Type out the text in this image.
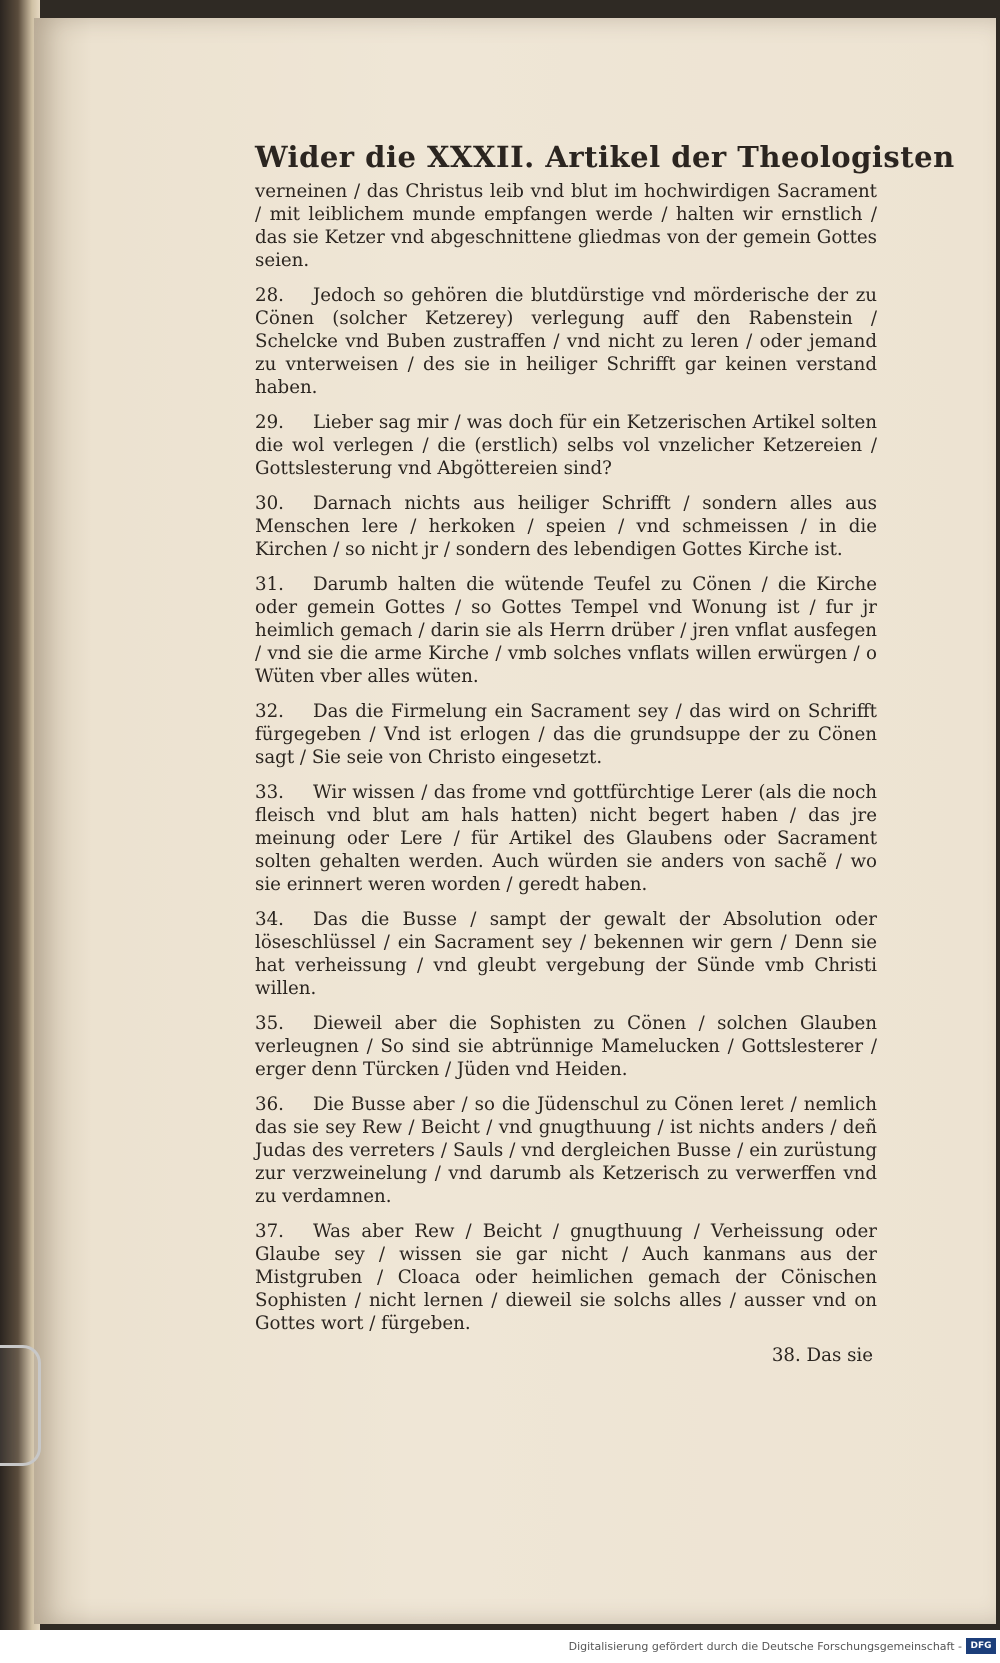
Wider die XXXII. Artikel der Theologisten

verneinen / das Christus leib vnd blut im hochwirdigen Sacrament / mit leiblichem munde empfangen werde / halten wir ernstlich / das sie Ketzer vnd abgeschnittene gliedmas von der gemein Gottes seien.

28. Jedoch so gehören die blutdürstige vnd mörderische der zu Cönen (solcher Ketzerey) verlegung auff den Rabenstein / Schelcke vnd Buben zustraffen / vnd nicht zu leren / oder jemand zu vnterweisen / des sie in heiliger Schrifft gar keinen verstand haben.

29. Lieber sag mir / was doch für ein Ketzerischen Artikel solten die wol verlegen / die (erstlich) selbs vol vnzelicher Ketzereien / Gottslesterung vnd Abgöttereien sind?

30. Darnach nichts aus heiliger Schrifft / sondern alles aus Menschen lere / herkoken / speien / vnd schmeissen / in die Kirchen / so nicht jr / sondern des lebendigen Gottes Kirche ist.

31. Darumb halten die wütende Teufel zu Cönen / die Kirche oder gemein Gottes / so Gottes Tempel vnd Wonung ist / fur jr heimlich gemach / darin sie als Herrn drüber / jren vnflat ausfegen / vnd sie die arme Kirche / vmb solches vnflats willen erwürgen / o Wüten vber alles wüten.

32. Das die Firmelung ein Sacrament sey / das wird on Schrifft fürgegeben / Vnd ist erlogen / das die grundsuppe der zu Cönen sagt / Sie seie von Christo eingesetzt.

33. Wir wissen / das frome vnd gottfürchtige Lerer (als die noch fleisch vnd blut am hals hatten) nicht begert haben / das jre meinung oder Lere / für Artikel des Glaubens oder Sacrament solten gehalten werden. Auch würden sie anders von sachẽ / wo sie erinnert weren worden / geredt haben.

34. Das die Busse / sampt der gewalt der Absolution oder löseschlüssel / ein Sacrament sey / bekennen wir gern / Denn sie hat verheissung / vnd gleubt vergebung der Sünde vmb Christi willen.

35. Dieweil aber die Sophisten zu Cönen / solchen Glauben verleugnen / So sind sie abtrünnige Mamelucken / Gottslesterer / erger denn Türcken / Jüden vnd Heiden.

36. Die Busse aber / so die Jüdenschul zu Cönen leret / nemlich das sie sey Rew / Beicht / vnd gnugthuung / ist nichts anders / deñ Judas des verreters / Sauls / vnd dergleichen Busse / ein zurüstung zur verzweinelung / vnd darumb als Ketzerisch zu verwerffen vnd zu verdamnen.

37. Was aber Rew / Beicht / gnugthuung / Verheissung oder Glaube sey / wissen sie gar nicht / Auch kanmans aus der Mistgruben / Cloaca oder heimlichen gemach der Cönischen Sophisten / nicht lernen / dieweil sie solchs alles / ausser vnd on Gottes wort / fürgeben.

38. Das sie
Digitalisierung gefördert durch die Deutsche Forschungsgemeinschaft - DFG
